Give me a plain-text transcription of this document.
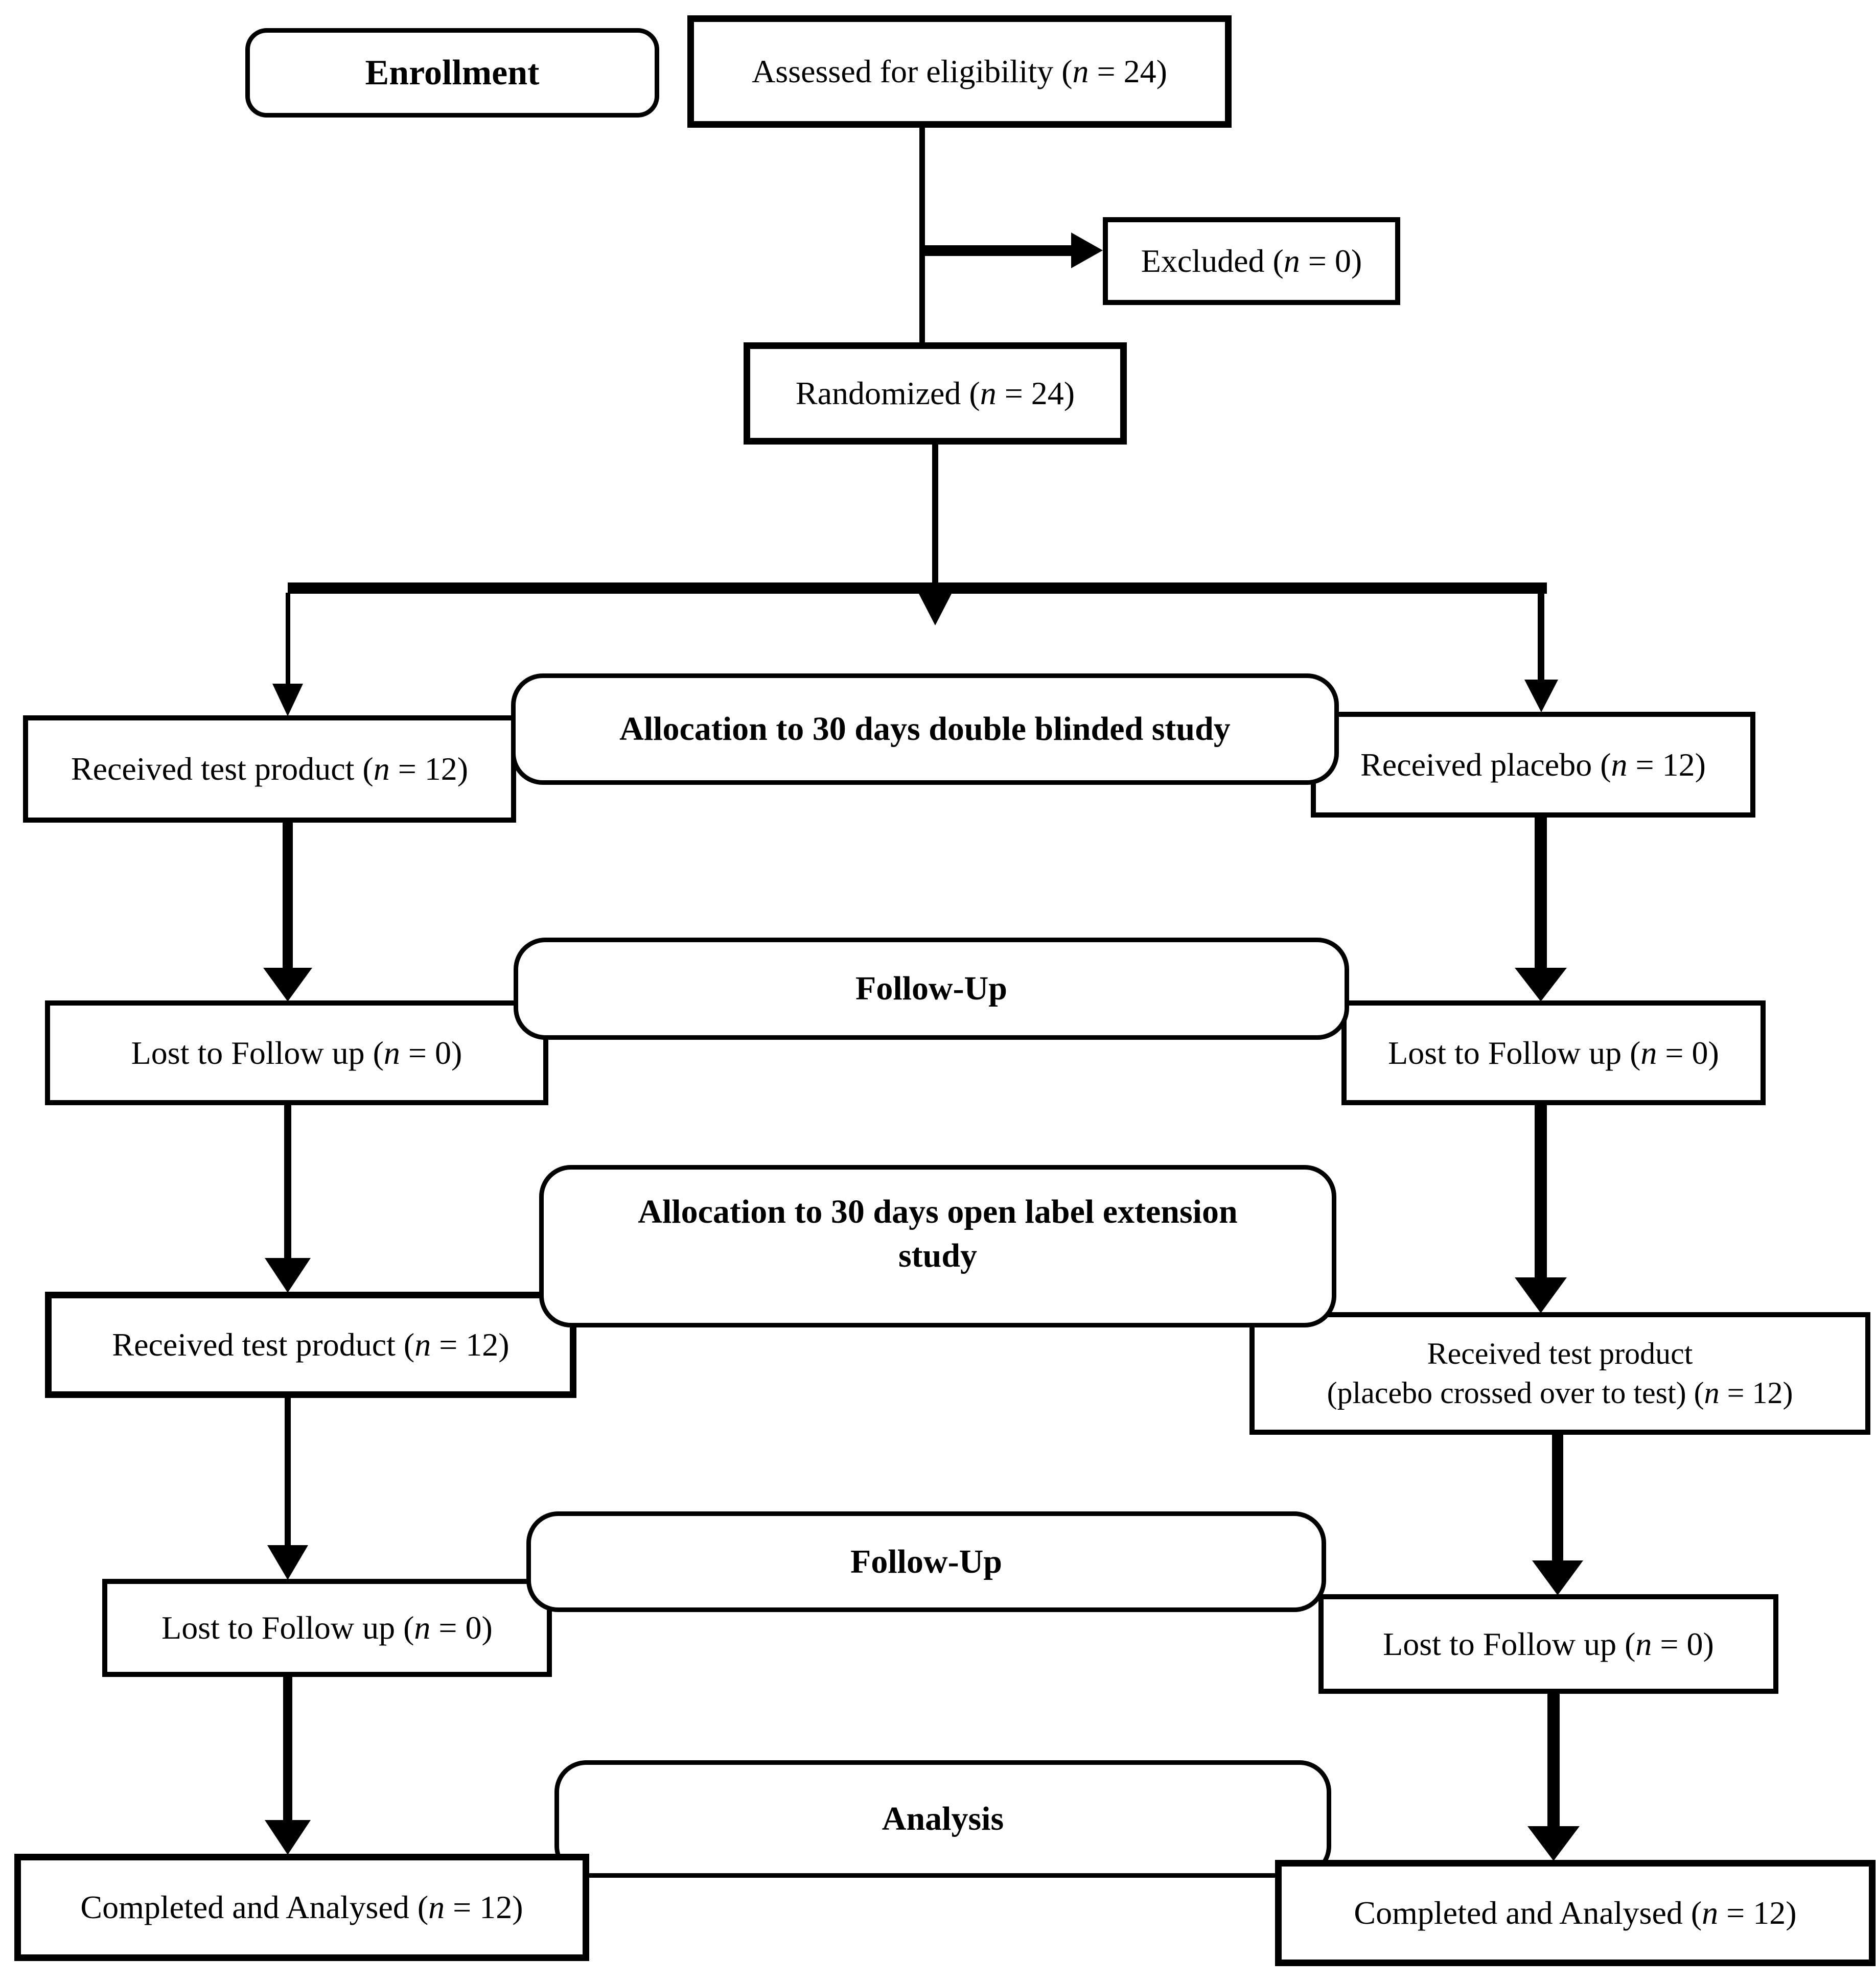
Enrollment	Assessed for eligibility (n = 24)
Excluded (n = 0)
Randomized (n = 24)
Received test product (n = 12)	Received placebo (n = 12)
Allocation to 30 days double blinded study
Lost to Follow up (n = 0)	Lost to Follow up (n = 0)
Follow-Up
Received test product (n = 12)	Received test product
(placebo crossed over to test) (n = 12)
Allocation to 30 days open label extension study
Lost to Follow up (n = 0)	Lost to Follow up (n = 0)
Follow-Up
Analysis
Completed and Analysed (n = 12)	Completed and Analysed (n = 12)
